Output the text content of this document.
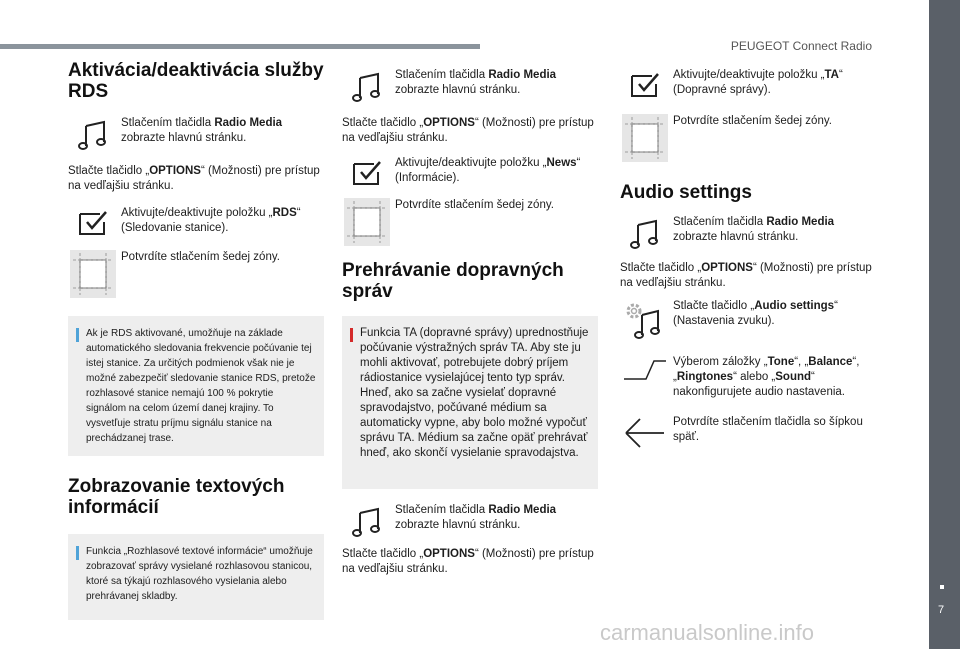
PEUGEOT Connect Radio
7
carmanualsonline.info
Aktivácia/deaktivácia služby RDS
Stlačením tlačidla Radio Media zobrazte hlavnú stránku.

Stlačte tlačidlo „OPTIONS“ (Možnosti) pre prístup na vedľajšiu stránku.

Aktivujte/deaktivujte položku „RDS“ (Sledovanie stanice).
Potvrdíte stlačením šedej zóny.
Ak je RDS aktivované, umožňuje na základe automatického sledovania frekvencie počúvanie tej istej stanice. Za určitých podmienok však nie je možné zabezpečiť sledovanie stanice RDS, pretože rozhlasové stanice nemajú 100 % pokrytie signálom na celom území danej krajiny. To vysvetľuje stratu príjmu signálu stanice na prechádzanej trase.
Zobrazovanie textových informácií
Funkcia „Rozhlasové textové informácie“ umožňuje zobrazovať správy vysielané rozhlasovou stanicou, ktoré sa týkajú rozhlasového vysielania alebo prehrávanej skladby.
Stlačením tlačidla Radio Media zobrazte hlavnú stránku.

Stlačte tlačidlo „OPTIONS“ (Možnosti) pre prístup na vedľajšiu stránku.

Aktivujte/deaktivujte položku „News“ (Informácie).
Potvrdíte stlačením šedej zóny.
Prehrávanie dopravných správ
Funkcia TA (dopravné správy) uprednostňuje počúvanie výstražných správ TA. Aby ste ju mohli aktivovať, potrebujete dobrý príjem rádiostanice vysielajúcej tento typ správ. Hneď, ako sa začne vysielať dopravné spravodajstvo, počúvané médium sa automaticky vypne, aby bolo možné vypočuť správu TA. Médium sa začne opäť prehrávať hneď, ako skončí vysielanie spravodajstva.
Stlačením tlačidla Radio Media zobrazte hlavnú stránku.

Stlačte tlačidlo „OPTIONS“ (Možnosti) pre prístup na vedľajšiu stránku.

Aktivujte/deaktivujte položku „TA“ (Dopravné správy).
Potvrdíte stlačením šedej zóny.
Audio settings
Stlačením tlačidla Radio Media zobrazte hlavnú stránku.

Stlačte tlačidlo „OPTIONS“ (Možnosti) pre prístup na vedľajšiu stránku.

Stlačte tlačidlo „Audio settings“ (Nastavenia zvuku).
Výberom záložky „Tone“, „Balance“, „Ringtones“ alebo „Sound“ nakonfigurujete audio nastavenia.
Potvrdíte stlačením tlačidla so šípkou späť.
